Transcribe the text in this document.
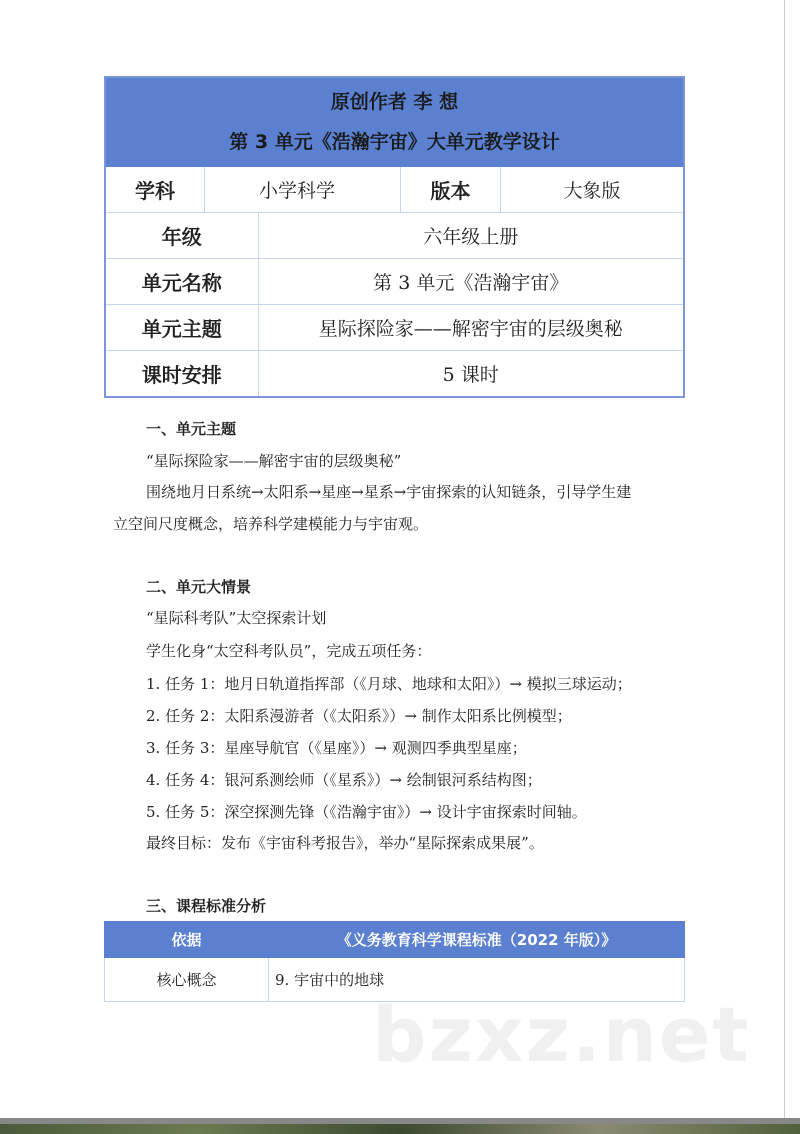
原创作者 李 想
第 3 单元《浩瀚宇宙》大单元教学设计				

学科		小学科学	版本	大象版
年级		六年级上册		
单元名称		第 3 单元《浩瀚宇宙》		
单元主题		星际探险家——解密宇宙的层级奥秘		
课时安排		5 课时		
一、单元主题
“星际探险家——解密宇宙的层级奥秘”
围绕地月日系统→太阳系→星座→星系→宇宙探索的认知链条，引导学生建
立空间尺度概念，培养科学建模能力与宇宙观。
二、单元大情景
“星际科考队”太空探索计划
学生化身“太空科考队员”，完成五项任务：
1. 任务 1：地月日轨道指挥部（《月球、地球和太阳》）→ 模拟三球运动；
2. 任务 2：太阳系漫游者（《太阳系》）→ 制作太阳系比例模型；
3. 任务 3：星座导航官（《星座》）→ 观测四季典型星座；
4. 任务 4：银河系测绘师（《星系》）→ 绘制银河系结构图；
5. 任务 5：深空探测先锋（《浩瀚宇宙》）→ 设计宇宙探索时间轴。
最终目标：发布《宇宙科考报告》，举办“星际探索成果展”。
三、课程标准分析
依据	《义务教育科学课程标准（2022 年版）》
核心概念	9. 宇宙中的地球
bzxz.net
